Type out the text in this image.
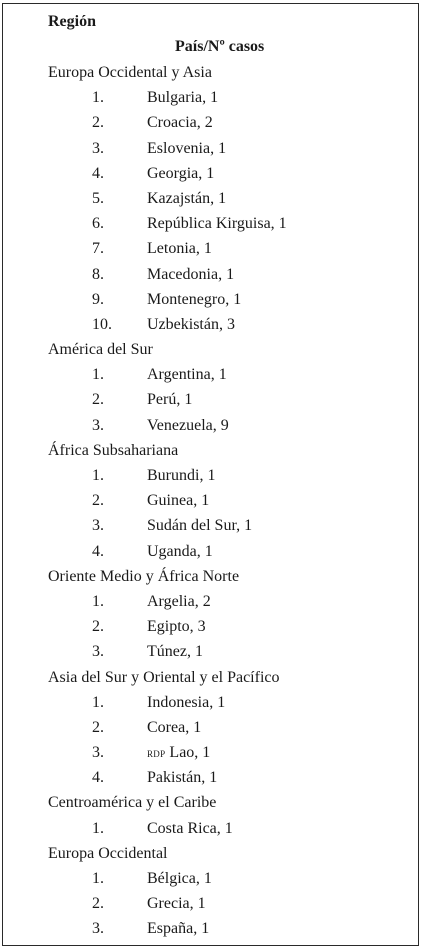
Región
País/Nº casos
Europa Occidental y Asia
1.	Bulgaria, 1
2.	Croacia, 2
3.	Eslovenia, 1
4.	Georgia, 1
5.	Kazajstán, 1
6.	República Kirguisa, 1
7.	Letonia, 1
8.	Macedonia, 1
9.	Montenegro, 1
10. Uzbekistán, 3
América del Sur
1.	Argentina, 1
2.	Perú, 1
3.	Venezuela, 9
África Subsahariana
1.	Burundi, 1
2.	Guinea, 1
3.	Sudán del Sur, 1
4.	Uganda, 1
Oriente Medio y África Norte
1.	Argelia, 2
2.	Egipto, 3
3.	Túnez, 1
Asia del Sur y Oriental y el Pacífico
1.	Indonesia, 1
2.	Corea, 1
3.	rdp Lao, 1
4.	Pakistán, 1
Centroamérica y el Caribe
1.	Costa Rica, 1
Europa Occidental
1.	Bélgica, 1
2.	Grecia, 1
3.	España, 1
